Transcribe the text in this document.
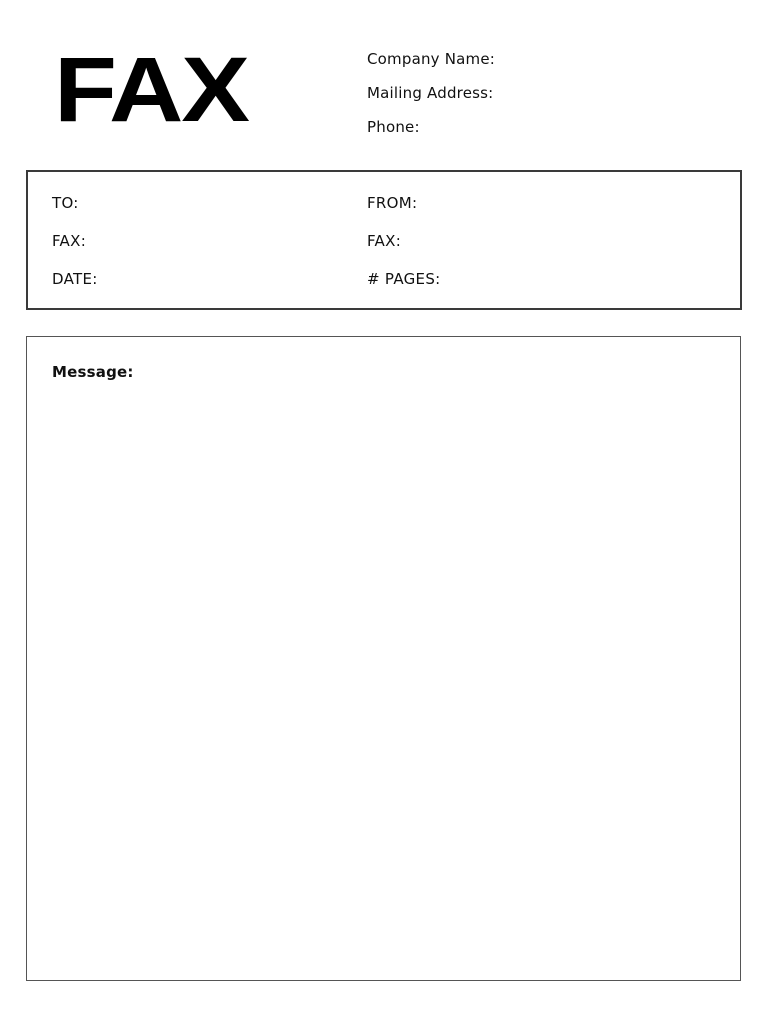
FAX	Company Name:
Mailing Address:
Phone:
TO:	FROM:
FAX:	FAX:
DATE:	# PAGES:
Message:
